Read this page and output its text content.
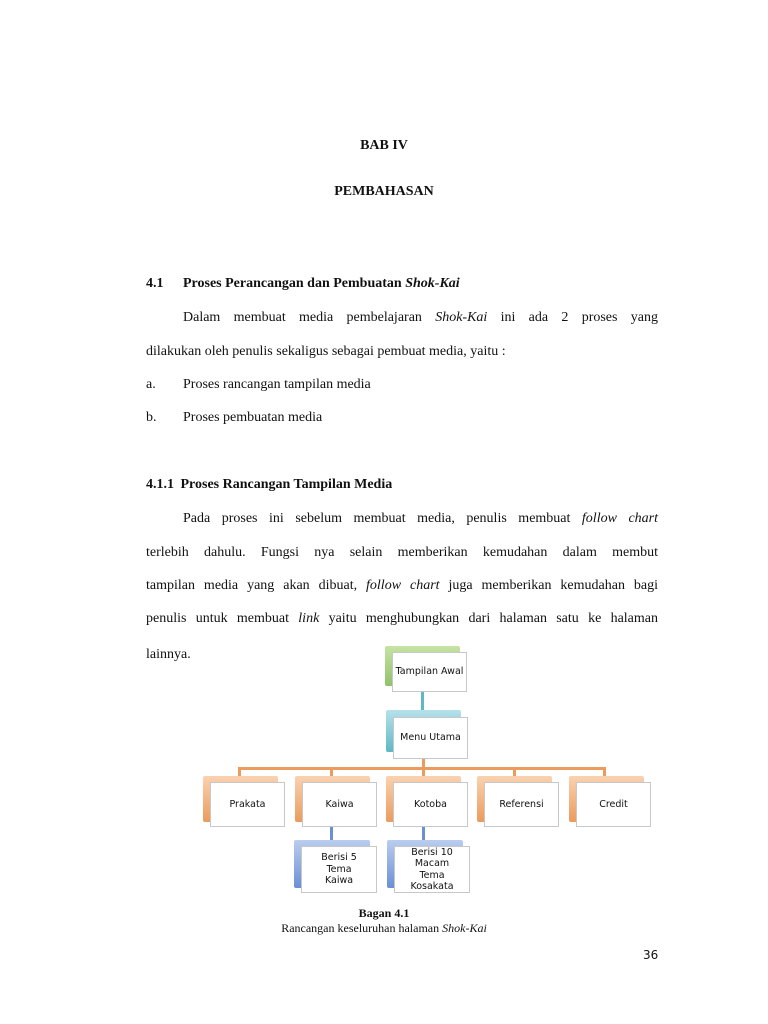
BAB IV
PEMBAHASAN
4.1 Proses Perancangan dan Pembuatan Shok-Kai
Dalam membuat media pembelajaran Shok-Kai ini ada 2 proses yang
dilakukan oleh penulis sekaligus sebagai pembuat media, yaitu :
a. Proses rancangan tampilan media
b. Proses pembuatan media
4.1.1 Proses Rancangan Tampilan Media
Pada proses ini sebelum membuat media, penulis membuat follow chart
terlebih dahulu. Fungsi nya selain memberikan kemudahan dalam membut
tampilan media yang akan dibuat, follow chart juga memberikan kemudahan bagi
penulis untuk membuat link yaitu menghubungkan dari halaman satu ke halaman
lainnya.
Tampilan Awal
Menu Utama
Prakata	Kaiwa	Kotoba	Referensi	Credit
Berisi 5 Tema Kaiwa
Berisi 10 Macam Tema Kosakata
Bagan 4.1
Rancangan keseluruhan halaman Shok-Kai
36
